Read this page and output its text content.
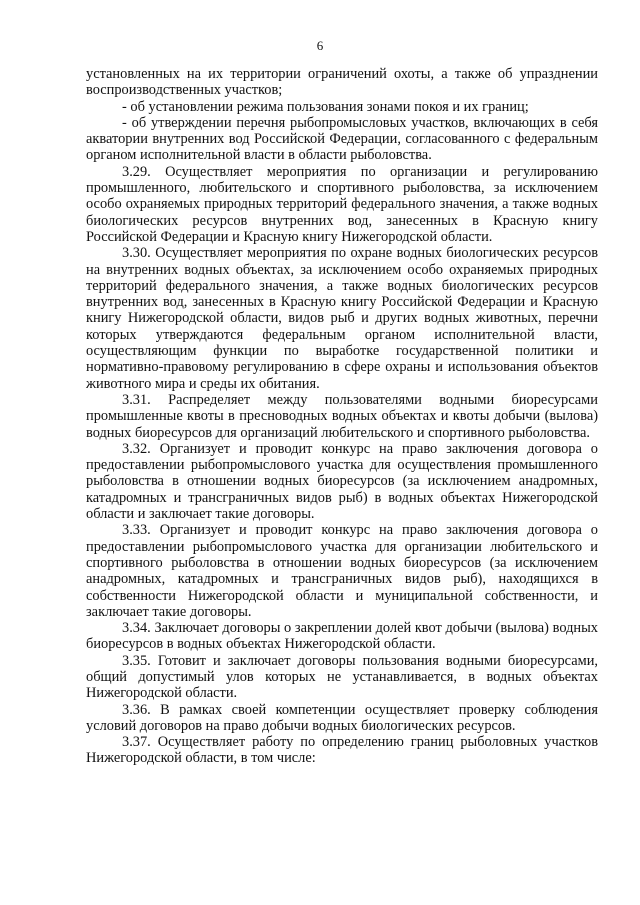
6

установленных на их территории ограничений охоты, а также об упразднении воспроизводственных участков;

- об установлении режима пользования зонами покоя и их границ;

- об утверждении перечня рыбопромысловых участков, включающих в себя акватории внутренних вод Российской Федерации, согласованного с федеральным органом исполнительной власти в области рыболовства.

3.29. Осуществляет мероприятия по организации и регулированию промышленного, любительского и спортивного рыболовства, за исключением особо охраняемых природных территорий федерального значения, а также водных биологических ресурсов внутренних вод, занесенных в Красную книгу Российской Федерации и Красную книгу Нижегородской области.

3.30. Осуществляет мероприятия по охране водных биологических ресурсов на внутренних водных объектах, за исключением особо охраняемых природных территорий федерального значения, а также водных биологических ресурсов внутренних вод, занесенных в Красную книгу Российской Федерации и Красную книгу Нижегородской области, видов рыб и других водных животных, перечни которых утверждаются федеральным органом исполнительной власти, осуществляющим функции по выработке государственной политики и нормативно-правовому регулированию в сфере охраны и использования объектов животного мира и среды их обитания.

3.31. Распределяет между пользователями водными биоресурсами промышленные квоты в пресноводных водных объектах и квоты добычи (вылова) водных биоресурсов для организаций любительского и спортивного рыболовства.

3.32. Организует и проводит конкурс на право заключения договора о предоставлении рыбопромыслового участка для осуществления промышленного рыболовства в отношении водных биоресурсов (за исключением анадромных, катадромных и трансграничных видов рыб) в водных объектах Нижегородской области и заключает такие договоры.

3.33. Организует и проводит конкурс на право заключения договора о предоставлении рыбопромыслового участка для организации любительского и спортивного рыболовства в отношении водных биоресурсов (за исключением анадромных, катадромных и трансграничных видов рыб), находящихся в собственности Нижегородской области и муниципальной собственности, и заключает такие договоры.

3.34. Заключает договоры о закреплении долей квот добычи (вылова) водных биоресурсов в водных объектах Нижегородской области.

3.35. Готовит и заключает договоры пользования водными биоресурсами, общий допустимый улов которых не устанавливается, в водных объектах Нижегородской области.

3.36. В рамках своей компетенции осуществляет проверку соблюдения условий договоров на право добычи водных биологических ресурсов.

3.37. Осуществляет работу по определению границ рыболовных участков Нижегородской области, в том числе:
